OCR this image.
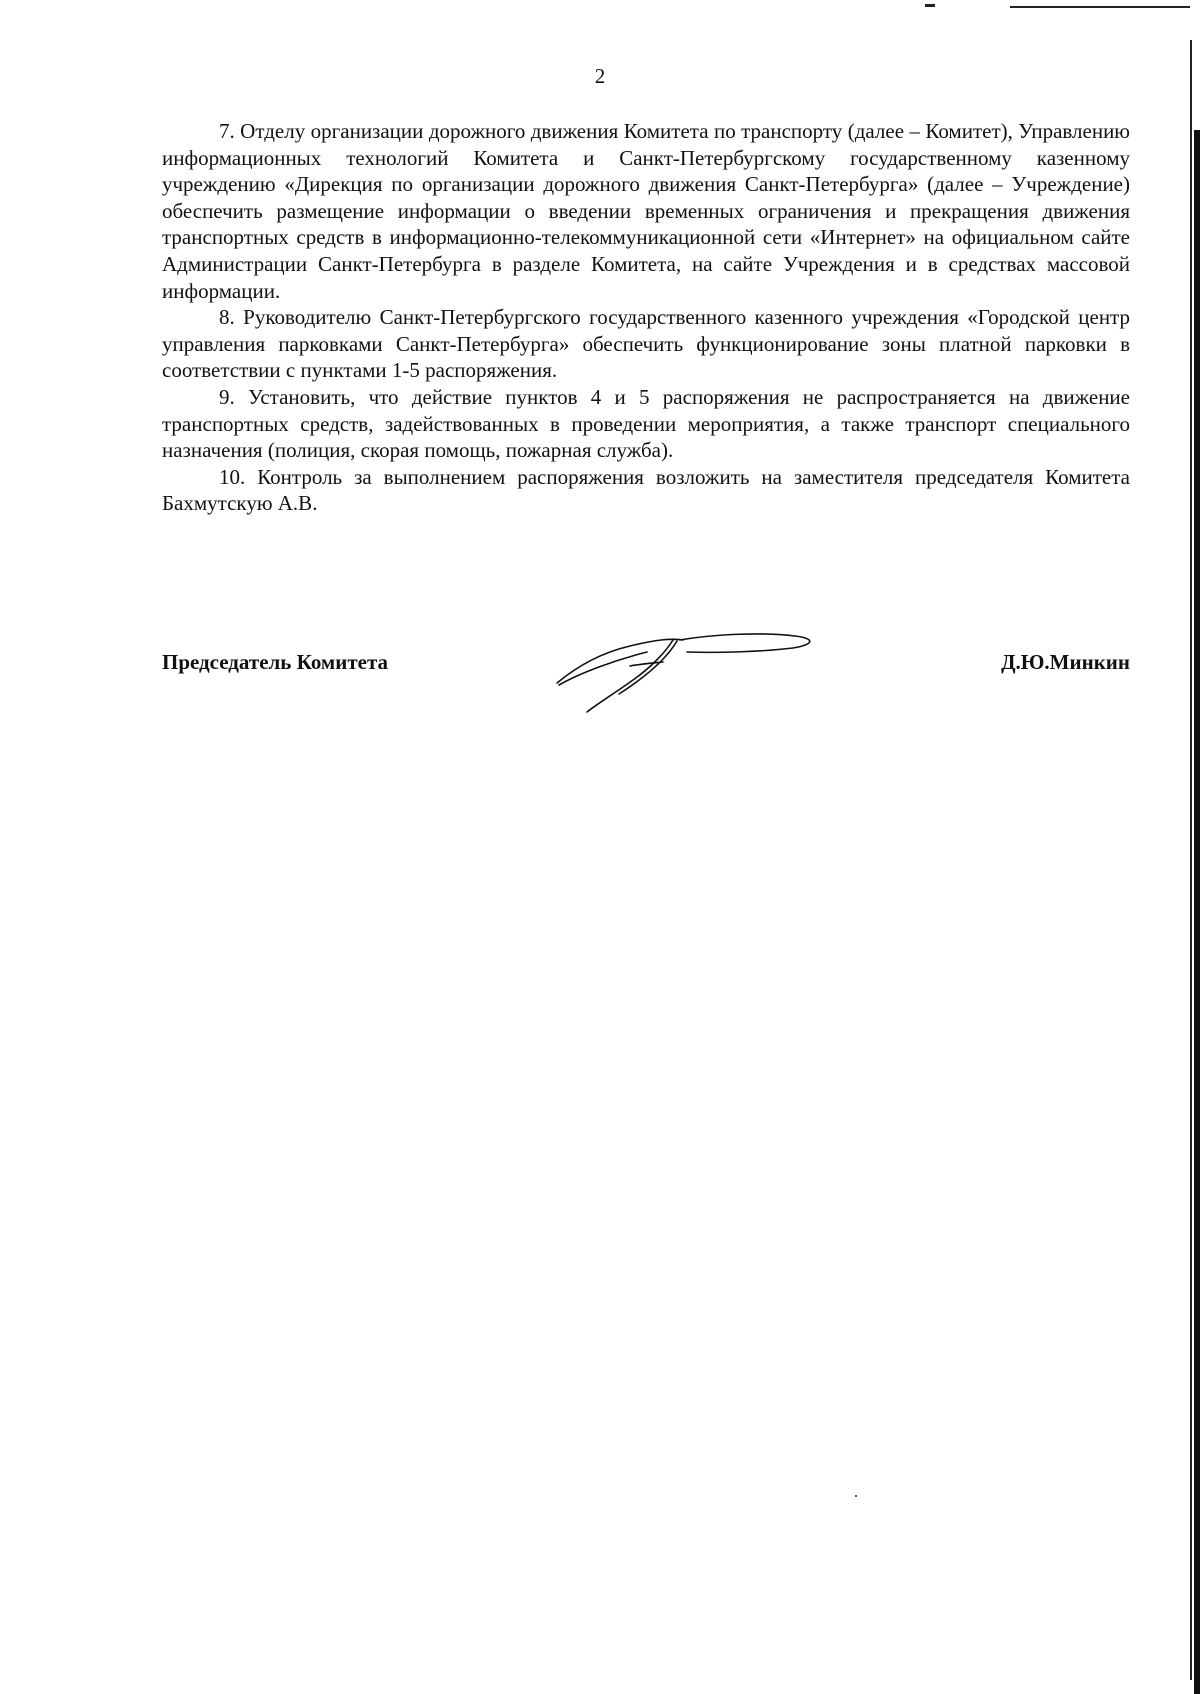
2

7. Отделу организации дорожного движения Комитета по транспорту (далее – Комитет), Управлению информационных технологий Комитета и Санкт-Петербургскому государственному казенному учреждению «Дирекция по организации дорожного движения Санкт-Петербурга» (далее – Учреждение) обеспечить размещение информации о введении временных ограничения и прекращения движения транспортных средств в информационно-телекоммуникационной сети «Интернет» на официальном сайте Администрации Санкт-Петербурга в разделе Комитета, на сайте Учреждения и в средствах массовой информации.

8. Руководителю Санкт-Петербургского государственного казенного учреждения «Городской центр управления парковками Санкт-Петербурга» обеспечить функционирование зоны платной парковки в соответствии с пунктами 1-5 распоряжения.

9. Установить, что действие пунктов 4 и 5 распоряжения не распространяется на движение транспортных средств, задействованных в проведении мероприятия, а также транспорт специального назначения (полиция, скорая помощь, пожарная служба).

10. Контроль за выполнением распоряжения возложить на заместителя председателя Комитета Бахмутскую А.В.

Председатель Комитета	Д.Ю.Минкин
